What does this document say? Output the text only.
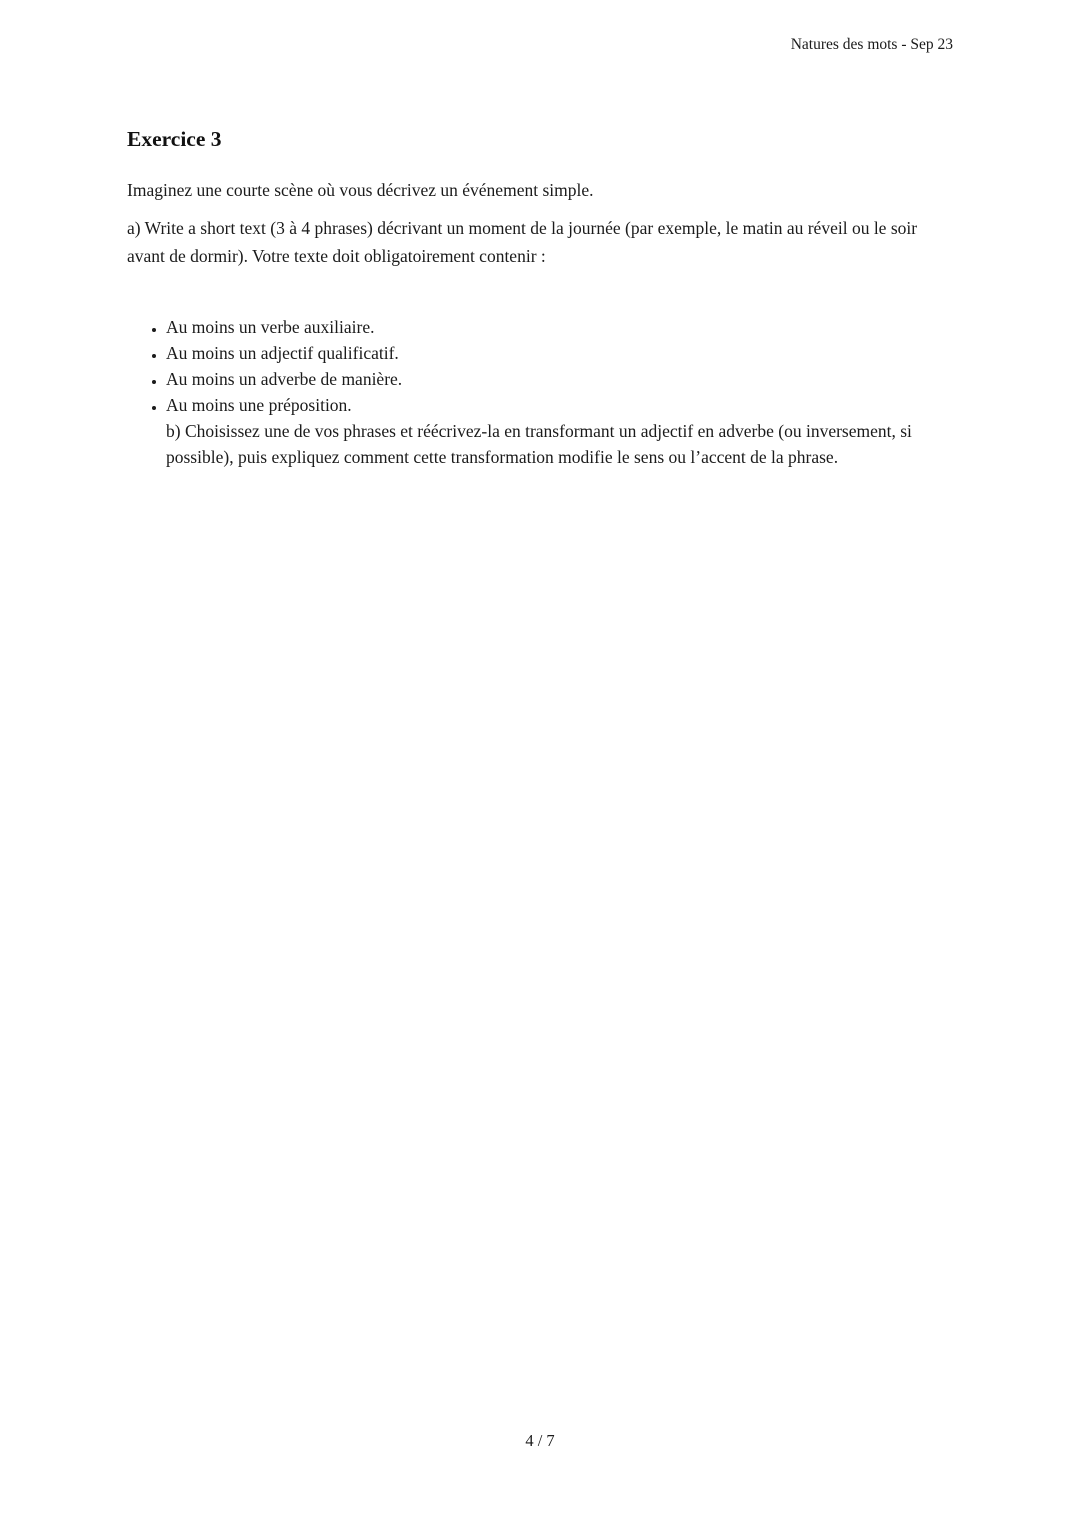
Natures des mots - Sep 23
Exercice 3

Imaginez une courte scène où vous décrivez un événement simple.

a) Write a short text (3 à 4 phrases) décrivant un moment de la journée (par exemple, le matin au réveil ou le soir avant de dormir). Votre texte doit obligatoirement contenir :

• Au moins un verbe auxiliaire.
• Au moins un adjectif qualificatif.
• Au moins un adverbe de manière.
• Au moins une préposition.

b) Choisissez une de vos phrases et réécrivez-la en transformant un adjectif en adverbe (ou inversement, si possible), puis expliquez comment cette transformation modifie le sens ou l’accent de la phrase.

4 / 7
